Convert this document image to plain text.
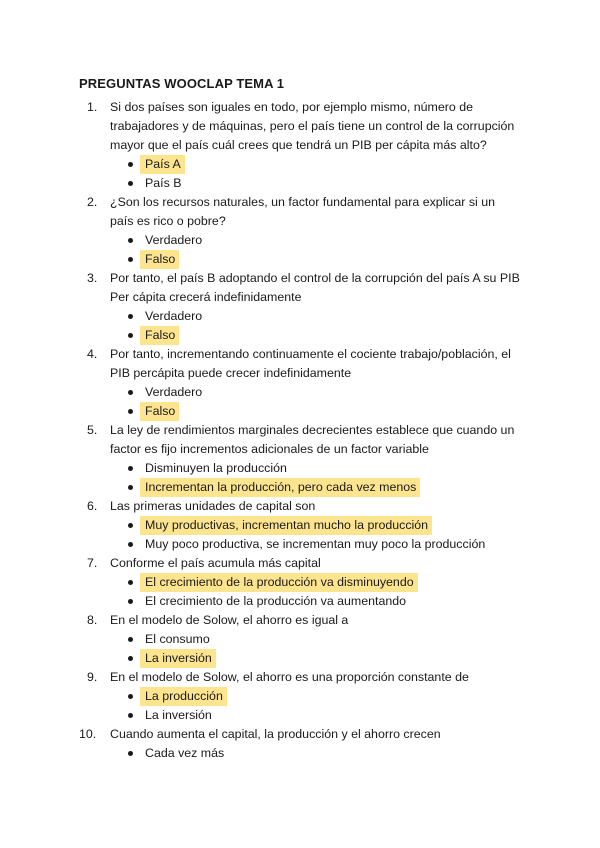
PREGUNTAS WOOCLAP TEMA 1
1.	Si dos países son iguales en todo, por ejemplo mismo, número de
trabajadores y de máquinas, pero el país tiene un control de la corrupción
mayor que el país cuál crees que tendrá un PIB per cápita más alto?
País A
País B
2.	¿Son los recursos naturales, un factor fundamental para explicar si un
país es rico o pobre?
Verdadero
Falso
3.	Por tanto, el país B adoptando el control de la corrupción del país A su PIB
Per cápita crecerá indefinidamente
Verdadero
Falso
4.	Por tanto, incrementando continuamente el cociente trabajo/población, el
PIB percápita puede crecer indefinidamente
Verdadero
Falso
5.	La ley de rendimientos marginales decrecientes establece que cuando un
factor es fijo incrementos adicionales de un factor variable
Disminuyen la producción
Incrementan la producción, pero cada vez menos
6.	Las primeras unidades de capital son
Muy productivas, incrementan mucho la producción
Muy poco productiva, se incrementan muy poco la producción
7.	Conforme el país acumula más capital
El crecimiento de la producción va disminuyendo
El crecimiento de la producción va aumentando
8.	En el modelo de Solow, el ahorro es igual a
El consumo
La inversión
9.	En el modelo de Solow, el ahorro es una proporción constante de
La producción
La inversión
10.	Cuando aumenta el capital, la producción y el ahorro crecen
Cada vez más
